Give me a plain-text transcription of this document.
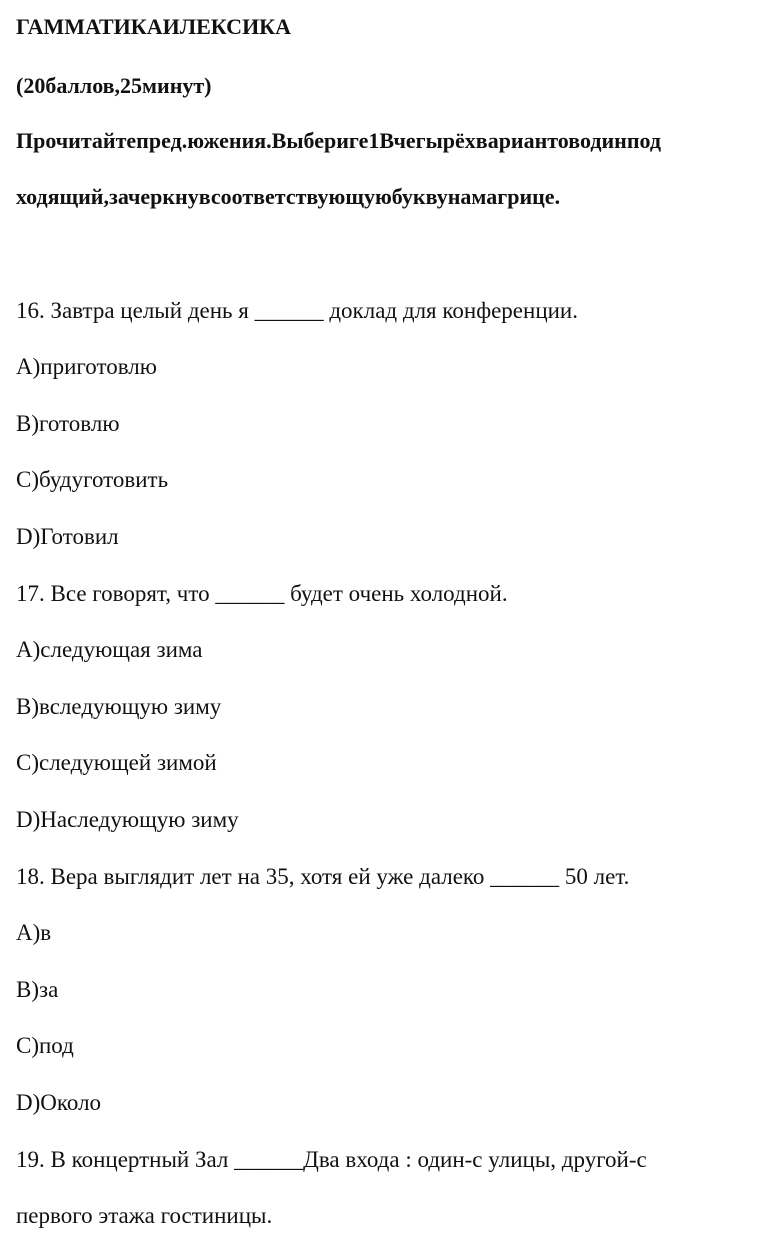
ГАММАТИКАИЛЕКСИКА

(20баллов,25минут)

Прочитайтепред.южения.Выбериге1Вчегырёхвариантоводинпод

ходящий,зачеркнувсоответствующуюбуквунамагрице.

16. Завтра целый день я ______ доклад для конференции.

A)приготовлю

B)готовлю

C)будуготовить

D)Готовил

17. Все говорят, что ______ будет очень холодной.

A)следующая зима

B)вследующую зиму

C)следующей зимой

D)Наследующую зиму

18. Вера выглядит лет на 35, хотя ей уже далеко ______ 50 лет.

A)в

B)за

C)под

D)Около

19. В концертный Зал ______Два входа : один-с улицы, другой-с

первого этажа гостиницы.
